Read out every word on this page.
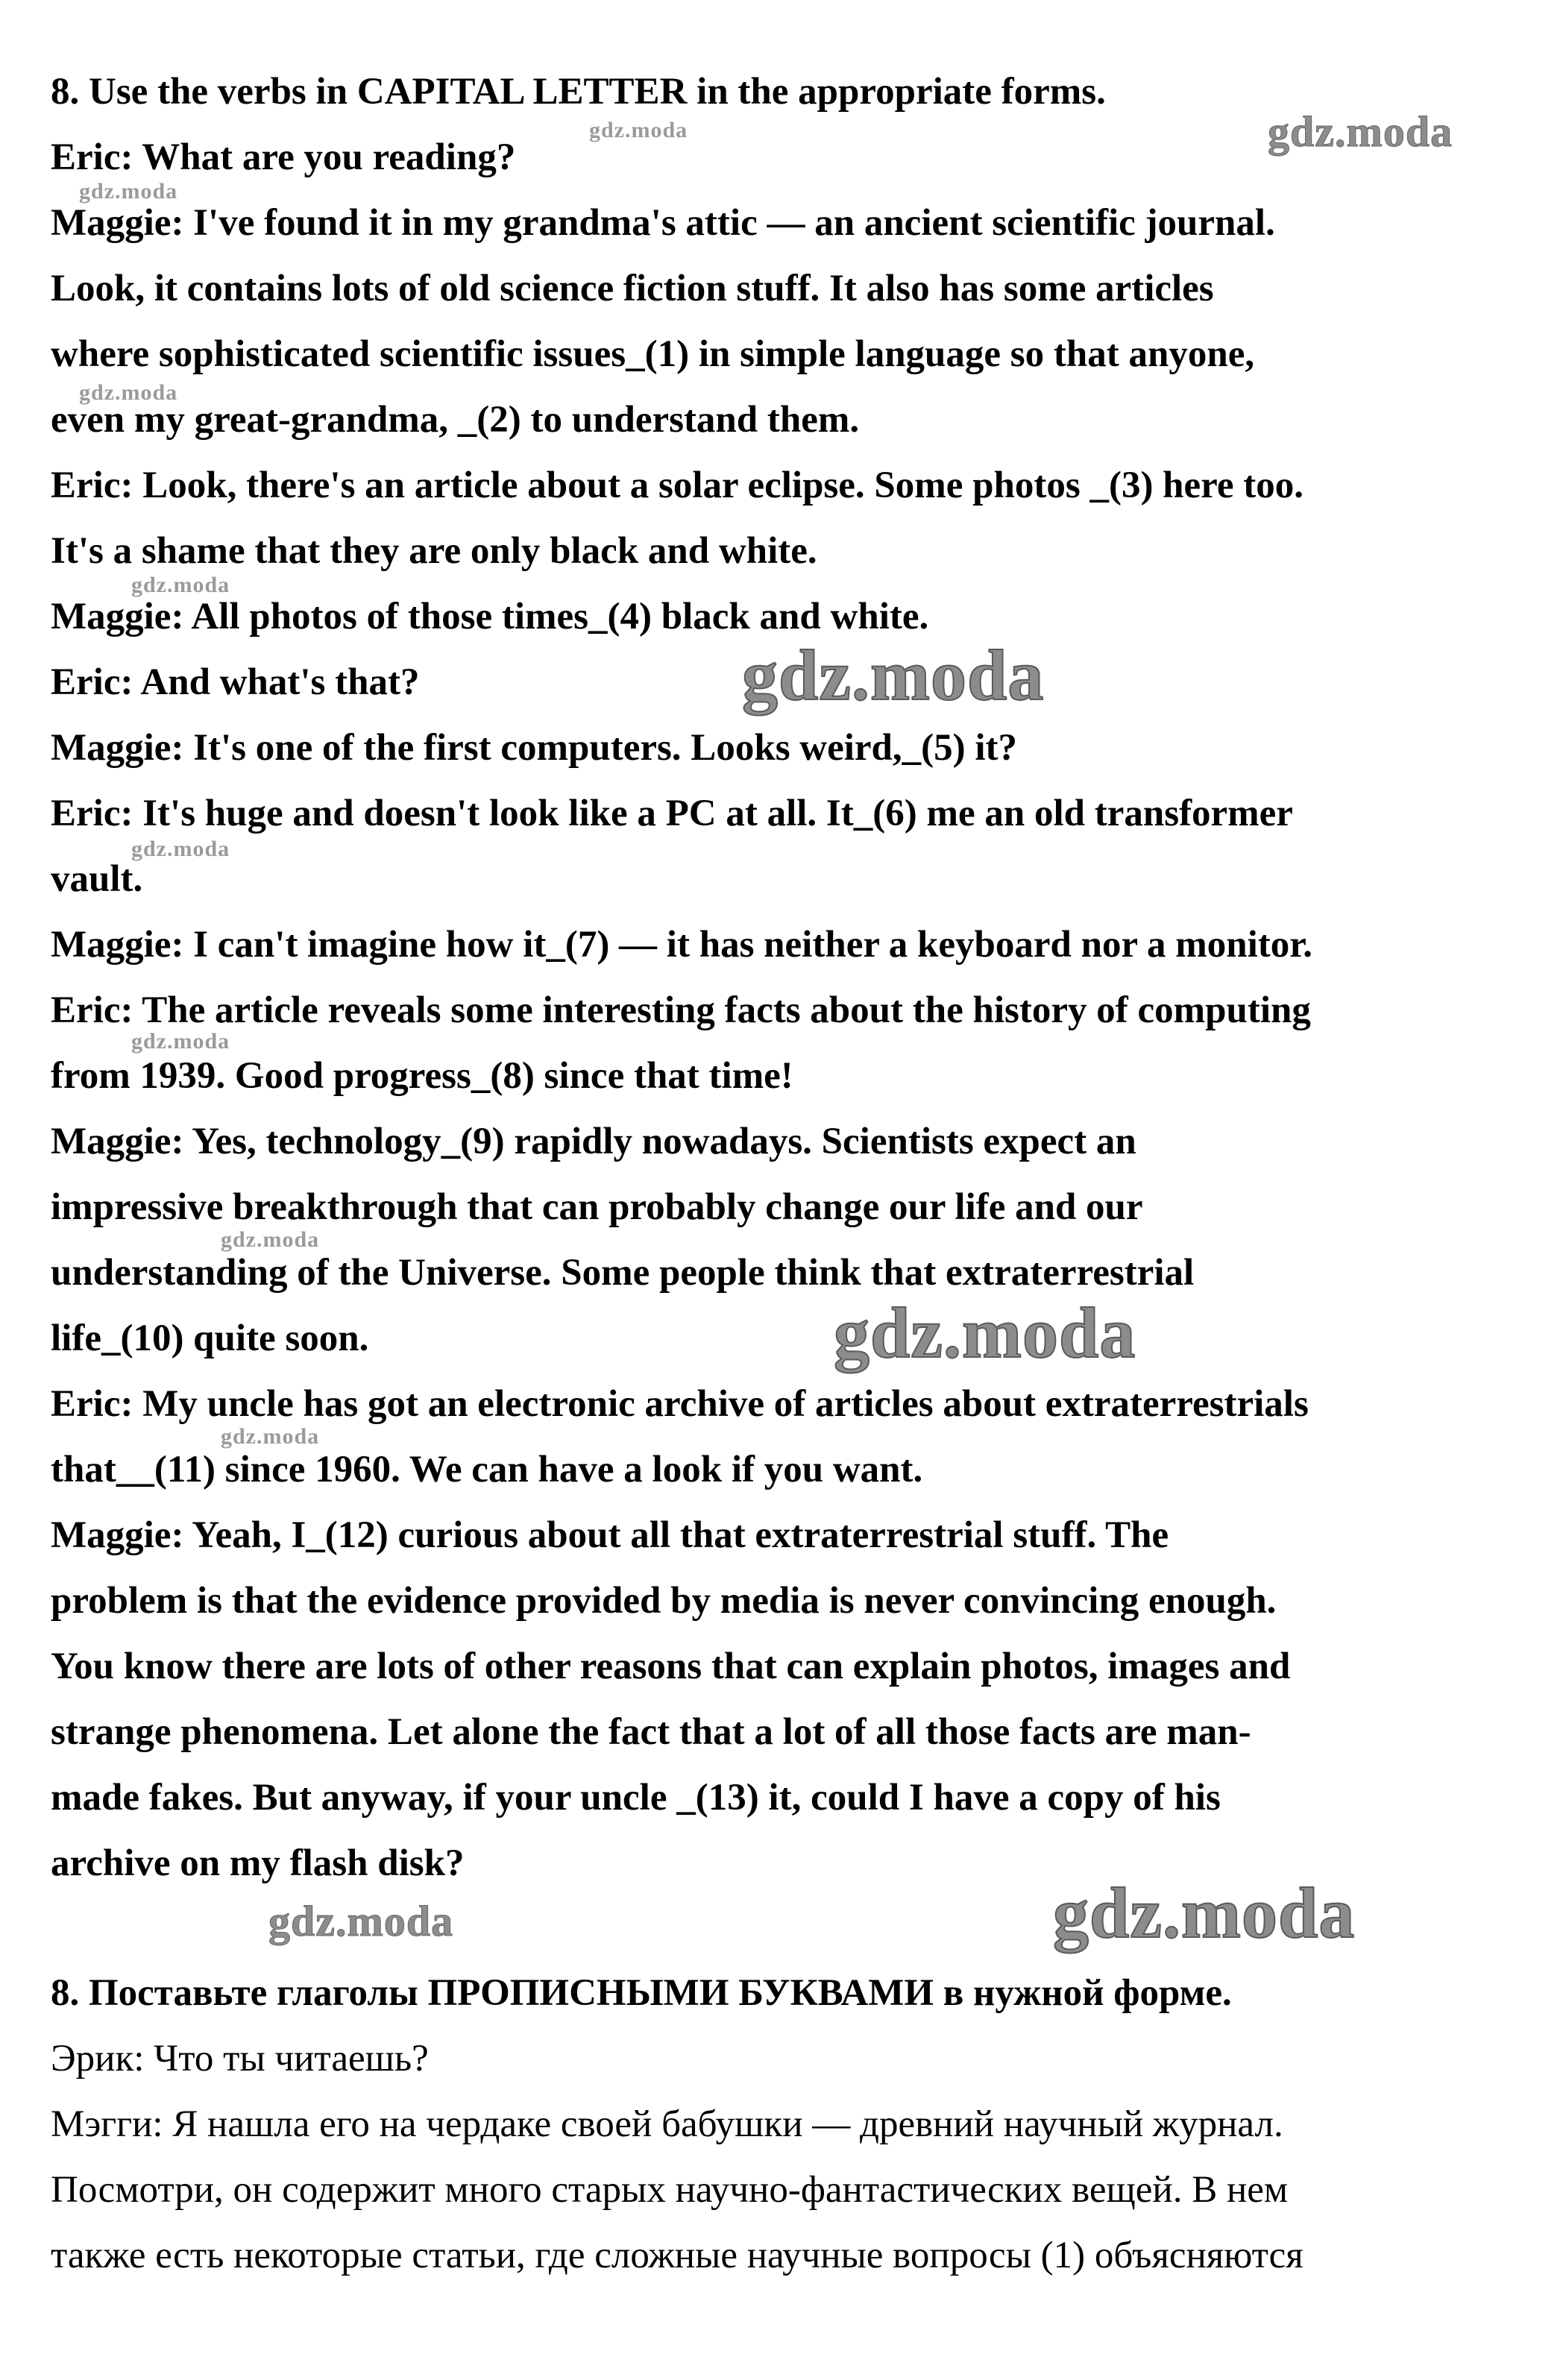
8. Use the verbs in CAPITAL LETTER in the appropriate forms.
Eric: What are you reading?
Maggie: I've found it in my grandma's attic — an ancient scientific journal.
Look, it contains lots of old science fiction stuff. It also has some articles
where sophisticated scientific issues_(1) in simple language so that anyone,
even my great-grandma, _(2) to understand them.
Eric: Look, there's an article about a solar eclipse. Some photos _(3) here too.
It's a shame that they are only black and white.
Maggie: All photos of those times_(4) black and white.
Eric: And what's that?
Maggie: It's one of the first computers. Looks weird,_(5) it?
Eric: It's huge and doesn't look like a PC at all. It_(6) me an old transformer
vault.
Maggie: I can't imagine how it_(7) — it has neither a keyboard nor a monitor.
Eric: The article reveals some interesting facts about the history of computing
from 1939. Good progress_(8) since that time!
Maggie: Yes, technology_(9) rapidly nowadays. Scientists expect an
impressive breakthrough that can probably change our life and our
understanding of the Universe. Some people think that extraterrestrial
life_(10) quite soon.
Eric: My uncle has got an electronic archive of articles about extraterrestrials
that__(11) since 1960. We can have a look if you want.
Maggie: Yeah, I_(12) curious about all that extraterrestrial stuff. The
problem is that the evidence provided by media is never convincing enough.
You know there are lots of other reasons that can explain photos, images and
strange phenomena. Let alone the fact that a lot of all those facts are man-
made fakes. But anyway, if your uncle _(13) it, could I have a copy of his
archive on my flash disk?
8. Поставьте глаголы ПРОПИСНЫМИ БУКВАМИ в нужной форме.
Эрик: Что ты читаешь?
Мэгги: Я нашла его на чердаке своей бабушки — древний научный журнал.
Посмотри, он содержит много старых научно-фантастических вещей. В нем
также есть некоторые статьи, где сложные научные вопросы (1) объясняются
gdz.moda	gdz.moda
gdz.moda
gdz.moda
gdz.moda
gdz.moda
gdz.moda
gdz.moda
gdz.moda
gdz.moda
gdz.moda
gdz.moda	gdz.moda
